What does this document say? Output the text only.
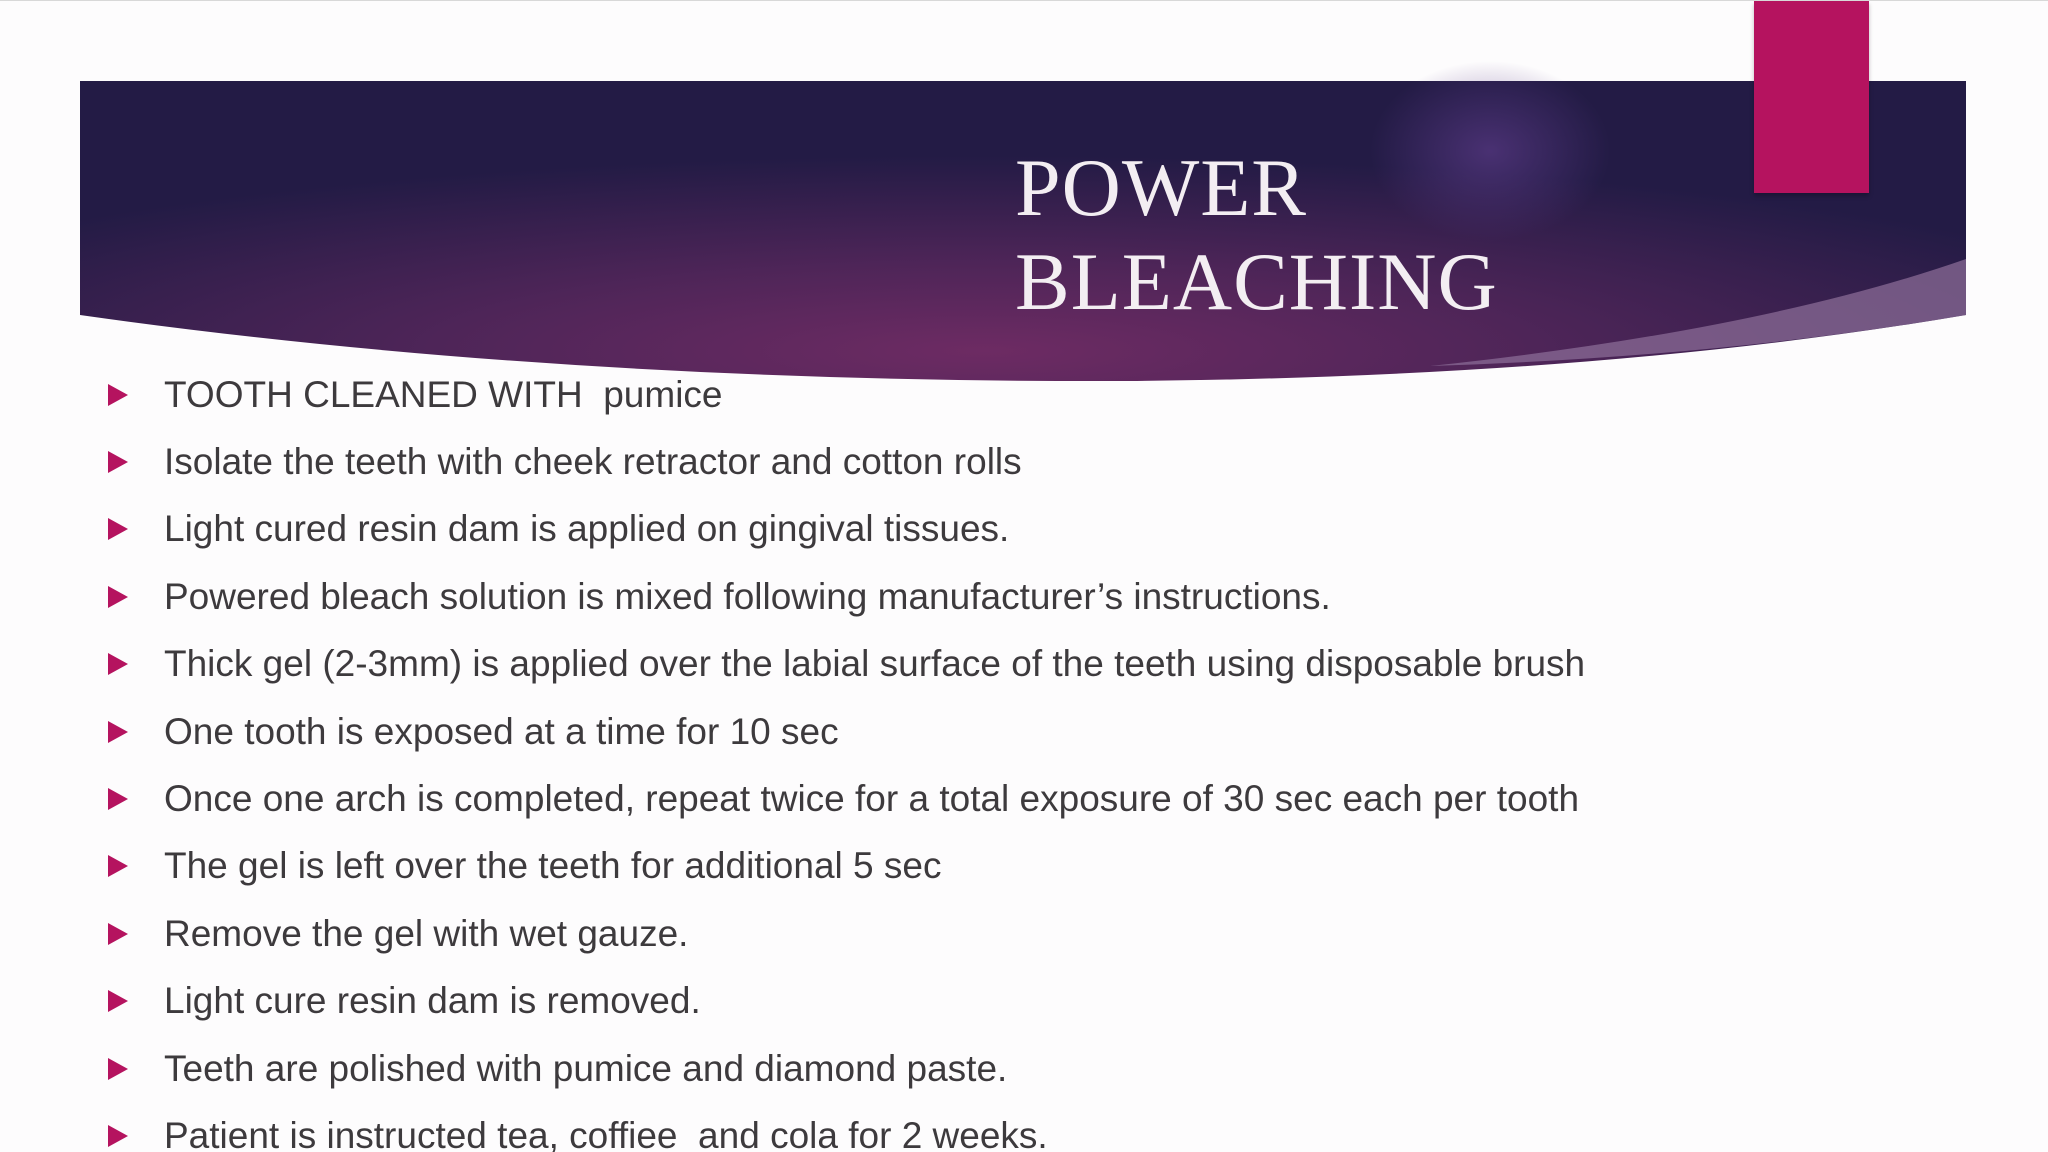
POWER
BLEACHING
TOOTH CLEANED WITH  pumice
Isolate the teeth with cheek retractor and cotton rolls
Light cured resin dam is applied on gingival tissues.
Powered bleach solution is mixed following manufacturer’s instructions.
Thick gel (2-3mm) is applied over the labial surface of the teeth using disposable brush
One tooth is exposed at a time for 10 sec
Once one arch is completed, repeat twice for a total exposure of 30 sec each per tooth
The gel is left over the teeth for additional 5 sec
Remove the gel with wet gauze.
Light cure resin dam is removed.
Teeth are polished with pumice and diamond paste.
Patient is instructed tea, coffiee  and cola for 2 weeks.
